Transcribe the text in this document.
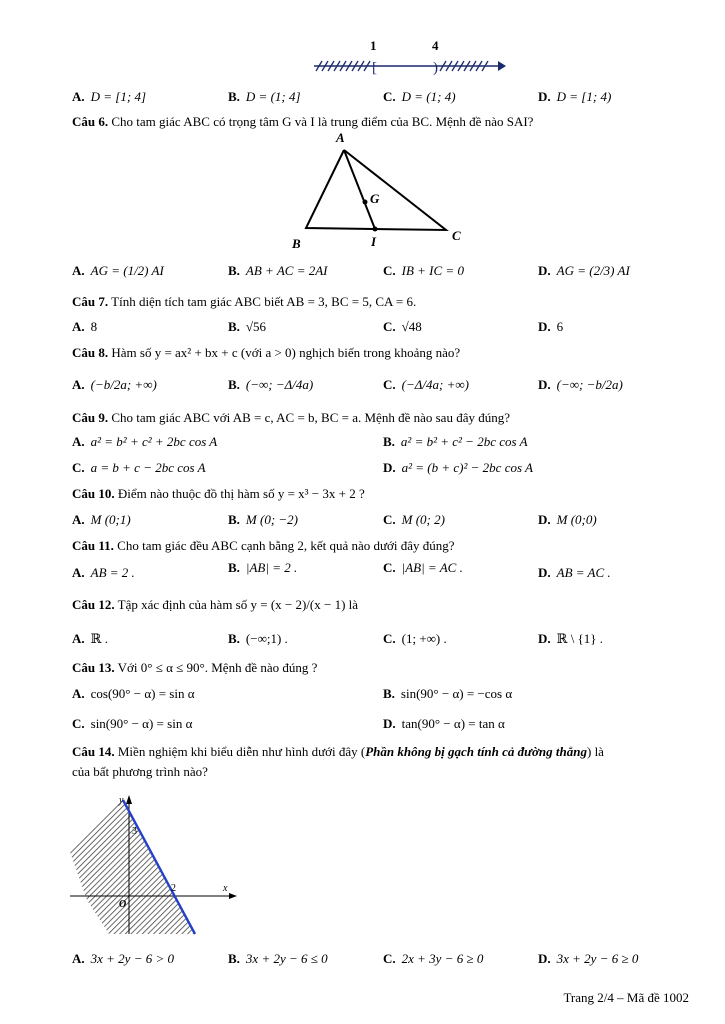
1	4
[	)
A. D = [1; 4]	B. D = (1; 4]	C. D = (1; 4)	D. D = [1; 4)
Câu 6. Cho tam giác ABC có trọng tâm G và I là trung điểm của BC. Mệnh đề nào SAI?
A
B
C
G
I
A. AG = (1/2) AI	B. AB + AC = 2AI	C. IB + IC = 0	D. AG = (2/3) AI
Câu 7. Tính diện tích tam giác ABC biết AB = 3, BC = 5, CA = 6.
A. 8	B. √56	C. √48	D. 6
Câu 8. Hàm số y = ax² + bx + c (với a > 0) nghịch biến trong khoảng nào?
A. (−b/2a; +∞)	B. (−∞; −Δ/4a)	C. (−Δ/4a; +∞)	D. (−∞; −b/2a)
Câu 9. Cho tam giác ABC với AB = c, AC = b, BC = a. Mệnh đề nào sau đây đúng?
A. a² = b² + c² + 2bc cos A	B. a² = b² + c² − 2bc cos A
C. a = b + c − 2bc cos A	D. a² = (b + c)² − 2bc cos A
Câu 10. Điểm nào thuộc đồ thị hàm số y = x³ − 3x + 2 ?
A. M (0;1)	B. M (0; −2)	C. M (0; 2)	D. M (0;0)
Câu 11. Cho tam giác đều ABC cạnh bằng 2, kết quả nào dưới đây đúng?
A. AB = 2 .	B. |AB| = 2 .	C. |AB| = AC .	D. AB = AC .
Câu 12. Tập xác định của hàm số y = (x − 2)/(x − 1) là
A. ℝ .	B. (−∞;1) .	C. (1; +∞) .	D. ℝ \ {1} .
Câu 13. Với 0° ≤ α ≤ 90°. Mệnh đề nào đúng ?
A. cos(90° − α) = sin α	B. sin(90° − α) = −cos α
C. sin(90° − α) = sin α	D. tan(90° − α) = tan α
Câu 14. Miền nghiệm khi biểu diễn như hình dưới đây (Phần không bị gạch tính cả đường thẳng) là
của bất phương trình nào?
y
x
O
3
2
A. 3x + 2y − 6 > 0	B. 3x + 2y − 6 ≤ 0	C. 2x + 3y − 6 ≥ 0	D. 3x + 2y − 6 ≥ 0
Trang 2/4 – Mã đề 1002
